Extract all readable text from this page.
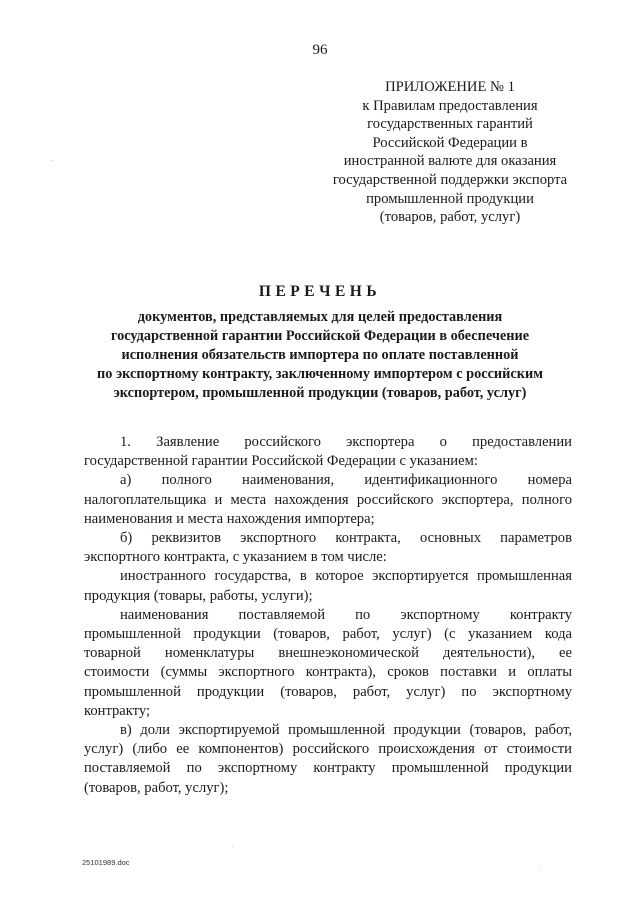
96
ПРИЛОЖЕНИЕ № 1
к Правилам предоставления
государственных гарантий
Российской Федерации в
иностранной валюте для оказания
государственной поддержки экспорта
промышленной продукции
(товаров, работ, услуг)
ПЕРЕЧЕНЬ
документов, представляемых для целей предоставления
государственной гарантии Российской Федерации в обеспечение
исполнения обязательств импортера по оплате поставленной
по экспортному контракту, заключенному импортером с российским
экспортером, промышленной продукции (товаров, работ, услуг)
1. Заявление российского экспортера о предоставлении
государственной гарантии Российской Федерации с указанием:
а) полного наименования, идентификационного номера
налогоплательщика и места нахождения российского экспортера, полного
наименования и места нахождения импортера;
б) реквизитов экспортного контракта, основных параметров
экспортного контракта, с указанием в том числе:
иностранного государства, в которое экспортируется промышленная
продукция (товары, работы, услуги);
наименования поставляемой по экспортному контракту
промышленной продукции (товаров, работ, услуг) (с указанием кода
товарной номенклатуры внешнеэкономической деятельности), ее
стоимости (суммы экспортного контракта), сроков поставки и оплаты
промышленной продукции (товаров, работ, услуг) по экспортному
контракту;
в) доли экспортируемой промышленной продукции (товаров, работ,
услуг) (либо ее компонентов) российского происхождения от стоимости
поставляемой по экспортному контракту промышленной продукции
(товаров, работ, услуг);
25101989.doc
